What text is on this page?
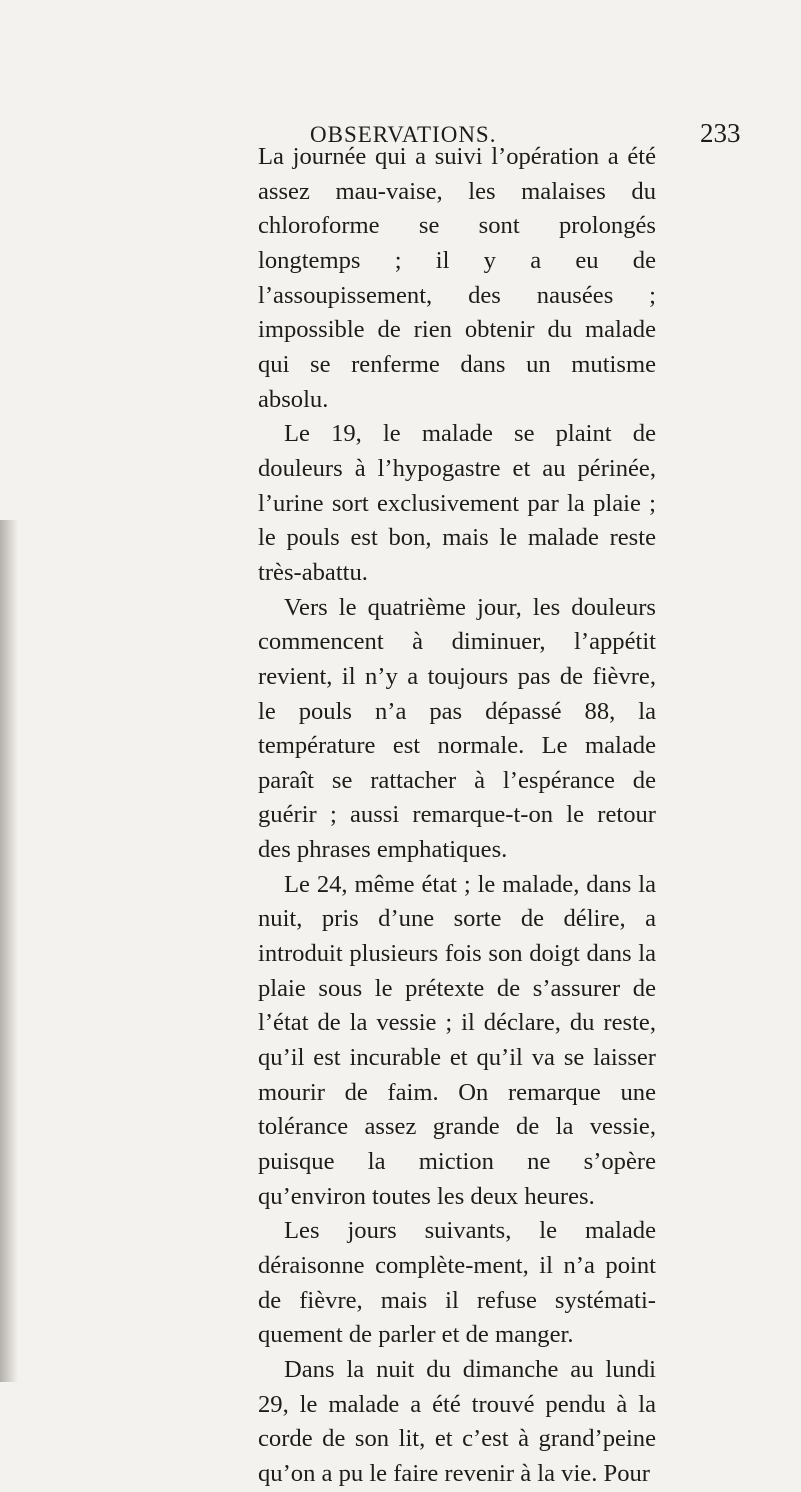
OBSERVATIONS.	233

La journée qui a suivi l’opération a été assez mau-vaise, les malaises du chloroforme se sont prolongés longtemps ; il y a eu de l’assoupissement, des nausées ; impossible de rien obtenir du malade qui se renferme dans un mutisme absolu.

Le 19, le malade se plaint de douleurs à l’hypogastre et au périnée, l’urine sort exclusivement par la plaie ; le pouls est bon, mais le malade reste très-abattu.

Vers le quatrième jour, les douleurs commencent à diminuer, l’appétit revient, il n’y a toujours pas de fièvre, le pouls n’a pas dépassé 88, la température est normale. Le malade paraît se rattacher à l’espérance de guérir ; aussi remarque-t-on le retour des phrases emphatiques.

Le 24, même état ; le malade, dans la nuit, pris d’une sorte de délire, a introduit plusieurs fois son doigt dans la plaie sous le prétexte de s’assurer de l’état de la vessie ; il déclare, du reste, qu’il est incurable et qu’il va se laisser mourir de faim. On remarque une tolérance assez grande de la vessie, puisque la miction ne s’opère qu’environ toutes les deux heures.

Les jours suivants, le malade déraisonne complète-ment, il n’a point de fièvre, mais il refuse systémati-quement de parler et de manger.

Dans la nuit du dimanche au lundi 29, le malade a été trouvé pendu à la corde de son lit, et c’est à grand’peine qu’on a pu le faire revenir à la vie. Pour
